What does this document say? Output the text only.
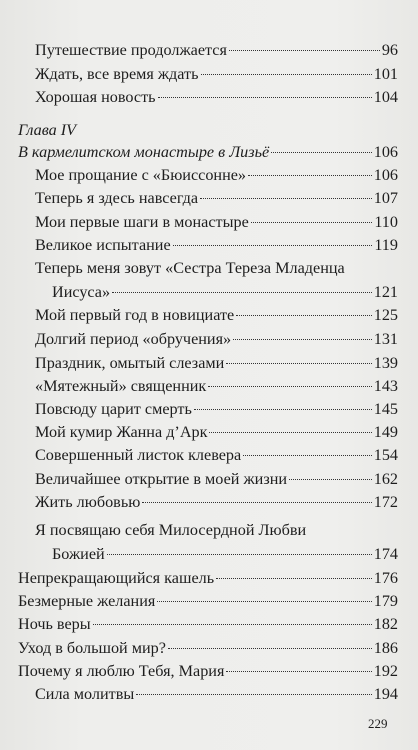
Путешествие продолжается	96
Ждать, все время ждать	101
Хорошая новость	104
Глава IV
В кармелитском монастыре в Лизьё	106
Мое прощание с «Бюиссонне»	106
Теперь я здесь навсегда	107
Мои первые шаги в монастыре	110
Великое испытание	119
Теперь меня зовут «Сестра Тереза Младенца
Иисуса»	121
Мой первый год в новициате	125
Долгий период «обручения»	131
Праздник, омытый слезами	139
«Мятежный» священник	143
Повсюду царит смерть	145
Мой кумир Жанна д’Арк	149
Совершенный листок клевера	154
Величайшее открытие в моей жизни	162
Жить любовью	172
Я посвящаю себя Милосердной Любви
Божией	174
Непрекращающийся кашель	176
Безмерные желания	179
Ночь веры	182
Уход в большой мир?	186
Почему я люблю Тебя, Мария	192
Сила молитвы	194
229
